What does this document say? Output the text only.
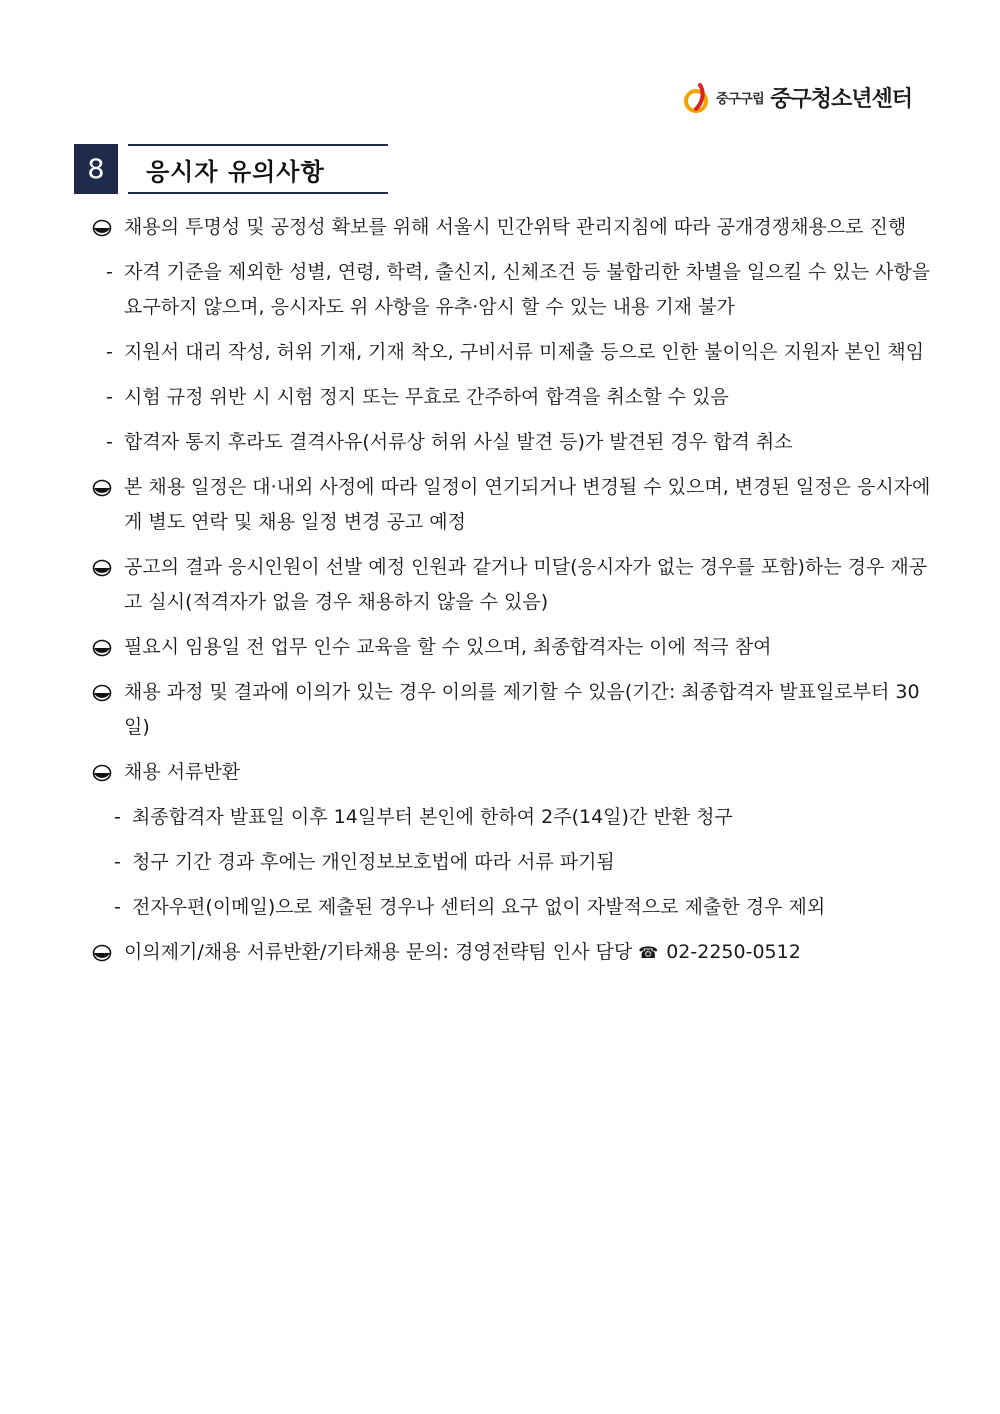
중구구립 중구청소년센터
8	응시자 유의사항
채용의 투명성 및 공정성 확보를 위해 서울시 민간위탁 관리지침에 따라 공개경쟁채용으로 진행
- 자격 기준을 제외한 성별, 연령, 학력, 출신지, 신체조건 등 불합리한 차별을 일으킬 수 있는 사항을 요구하지 않으며, 응시자도 위 사항을 유추·암시 할 수 있는 내용 기재 불가
- 지원서 대리 작성, 허위 기재, 기재 착오, 구비서류 미제출 등으로 인한 불이익은 지원자 본인 책임
- 시험 규정 위반 시 시험 정지 또는 무효로 간주하여 합격을 취소할 수 있음
- 합격자 통지 후라도 결격사유(서류상 허위 사실 발견 등)가 발견된 경우 합격 취소
본 채용 일정은 대·내외 사정에 따라 일정이 연기되거나 변경될 수 있으며, 변경된 일정은 응시자에게 별도 연락 및 채용 일정 변경 공고 예정
공고의 결과 응시인원이 선발 예정 인원과 같거나 미달(응시자가 없는 경우를 포함)하는 경우 재공고 실시(적격자가 없을 경우 채용하지 않을 수 있음)
필요시 임용일 전 업무 인수 교육을 할 수 있으며, 최종합격자는 이에 적극 참여
채용 과정 및 결과에 이의가 있는 경우 이의를 제기할 수 있음(기간: 최종합격자 발표일로부터 30일)
채용 서류반환
- 최종합격자 발표일 이후 14일부터 본인에 한하여 2주(14일)간 반환 청구
- 청구 기간 경과 후에는 개인정보보호법에 따라 서류 파기됨
- 전자우편(이메일)으로 제출된 경우나 센터의 요구 없이 자발적으로 제출한 경우 제외
이의제기/채용 서류반환/기타채용 문의: 경영전략팀 인사 담당 ☎ 02-2250-0512
